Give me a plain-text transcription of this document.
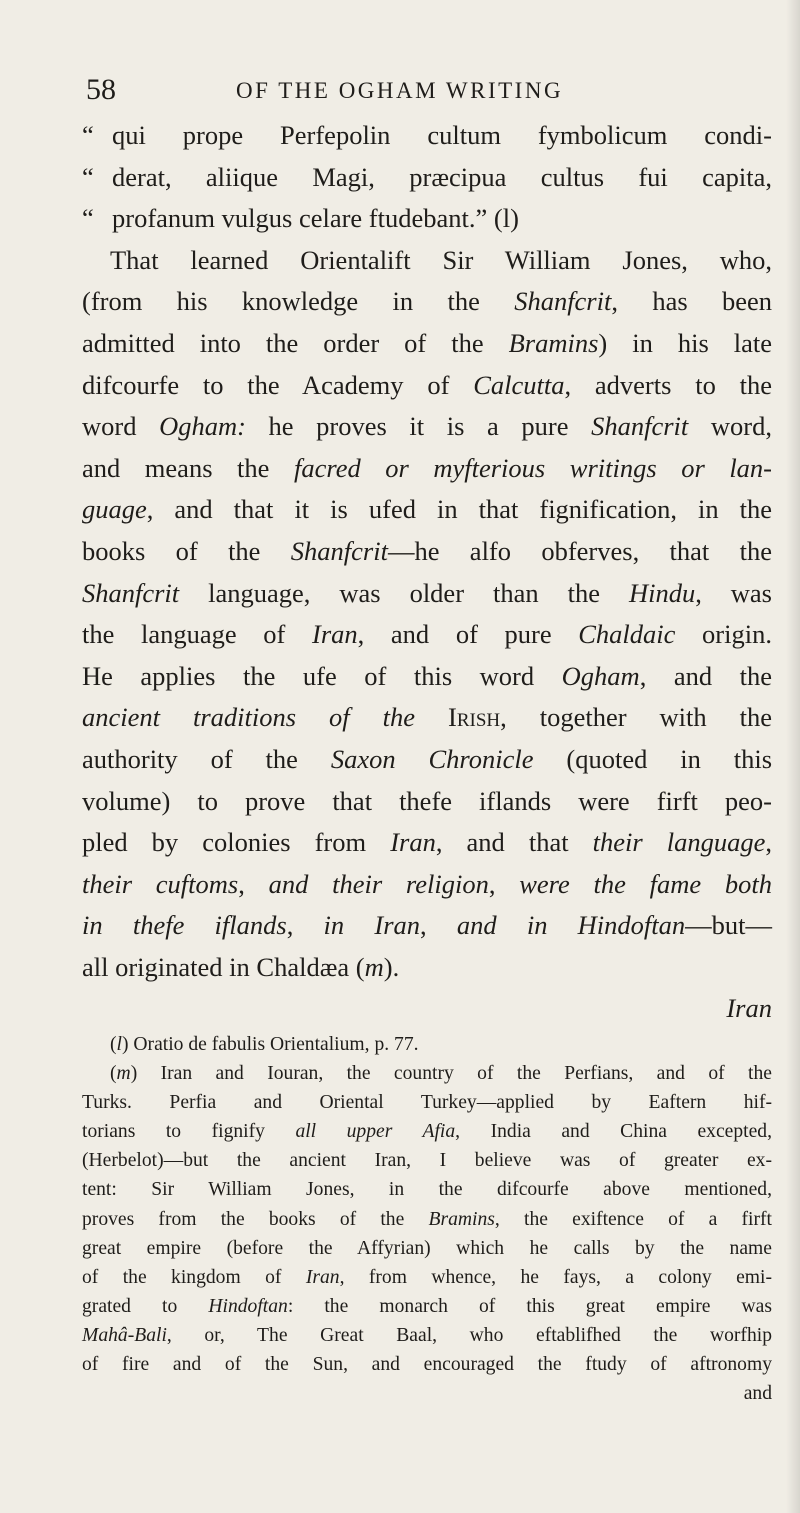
58	OF THE OGHAM WRITING
“ qui prope Perfepolin cultum fymbolicum condi-
“ derat, aliique Magi, præcipua cultus fui capita,
“ profanum vulgus celare ftudebant.” (l)
That learned Orientalift Sir William Jones, who,
(from his knowledge in the Shanfcrit, has been
admitted into the order of the Bramins) in his late
difcourfe to the Academy of Calcutta, adverts to the
word Ogham: he proves it is a pure Shanfcrit word,
and means the facred or myfterious writings or lan-
guage, and that it is ufed in that fignification, in the
books of the Shanfcrit—he alfo obferves, that the
Shanfcrit language, was older than the Hindu, was
the language of Iran, and of pure Chaldaic origin.
He applies the ufe of this word Ogham, and the
ancient traditions of the Irish, together with the
authority of the Saxon Chronicle (quoted in this
volume) to prove that thefe iflands were firft peo-
pled by colonies from Iran, and that their language,
their cuftoms, and their religion, were the fame both
in thefe iflands, in Iran, and in Hindoftan—but—
all originated in Chaldæa (m).
Iran
(l) Oratio de fabulis Orientalium, p. 77.
(m) Iran and Iouran, the country of the Perfians, and of the
Turks. Perfia and Oriental Turkey—applied by Eaftern hif-
torians to fignify all upper Afia, India and China excepted,
(Herbelot)—but the ancient Iran, I believe was of greater ex-
tent: Sir William Jones, in the difcourfe above mentioned,
proves from the books of the Bramins, the exiftence of a firft
great empire (before the Affyrian) which he calls by the name
of the kingdom of Iran, from whence, he fays, a colony emi-
grated to Hindoftan: the monarch of this great empire was
Mahâ-Bali, or, The Great Baal, who eftablifhed the worfhip
of fire and of the Sun, and encouraged the ftudy of aftronomy
and
